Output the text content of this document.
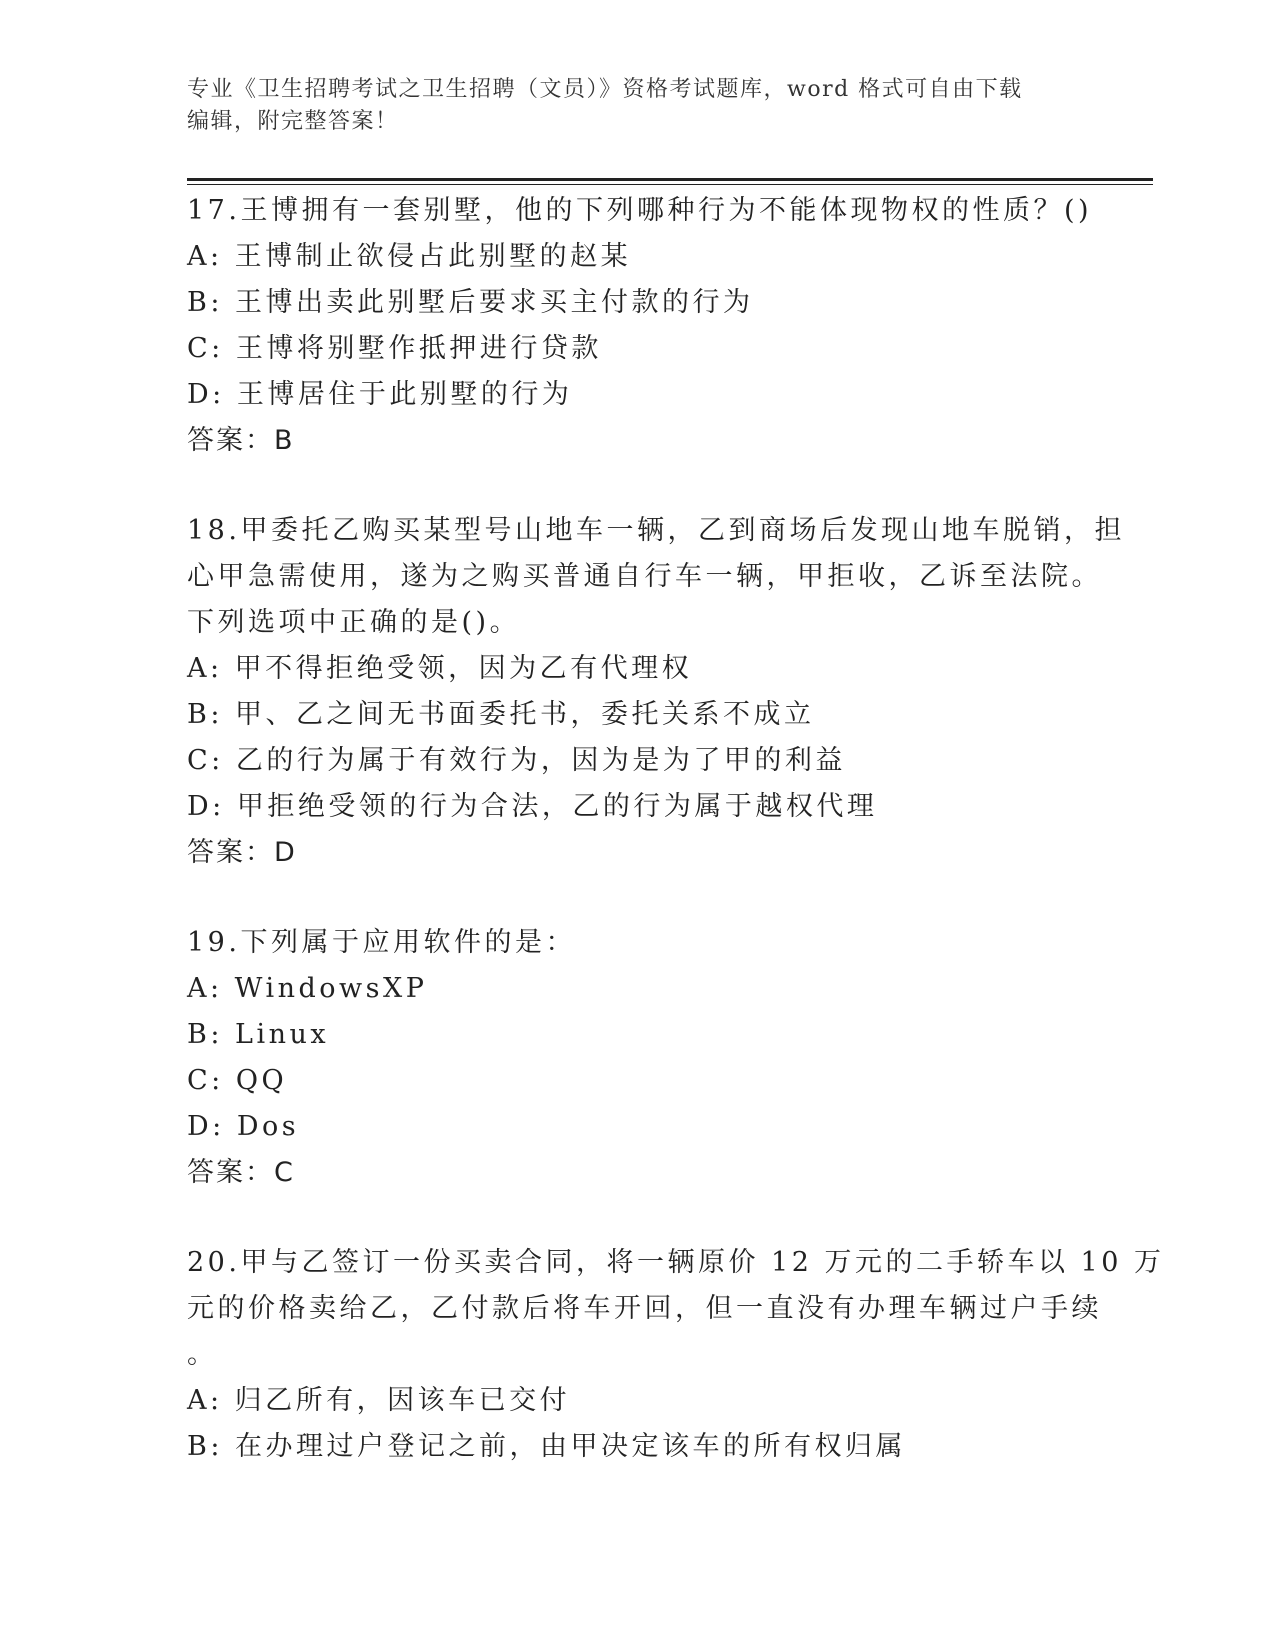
专业《卫生招聘考试之卫生招聘（文员）》资格考试题库，word 格式可自由下载
编辑，附完整答案！
17.王博拥有一套别墅，他的下列哪种行为不能体现物权的性质？()
A: 王博制止欲侵占此别墅的赵某
B: 王博出卖此别墅后要求买主付款的行为
C: 王博将别墅作抵押进行贷款
D: 王博居住于此别墅的行为
答案：B
18.甲委托乙购买某型号山地车一辆，乙到商场后发现山地车脱销，担
心甲急需使用，遂为之购买普通自行车一辆，甲拒收，乙诉至法院。
下列选项中正确的是()。
A: 甲不得拒绝受领，因为乙有代理权
B: 甲、乙之间无书面委托书，委托关系不成立
C: 乙的行为属于有效行为，因为是为了甲的利益
D: 甲拒绝受领的行为合法，乙的行为属于越权代理
答案：D
19.下列属于应用软件的是：
A: WindowsXP
B: Linux
C: QQ
D: Dos
答案：C
20.甲与乙签订一份买卖合同，将一辆原价 12 万元的二手轿车以 10 万
元的价格卖给乙，乙付款后将车开回，但一直没有办理车辆过户手续
。
A: 归乙所有，因该车已交付
B: 在办理过户登记之前，由甲决定该车的所有权归属
